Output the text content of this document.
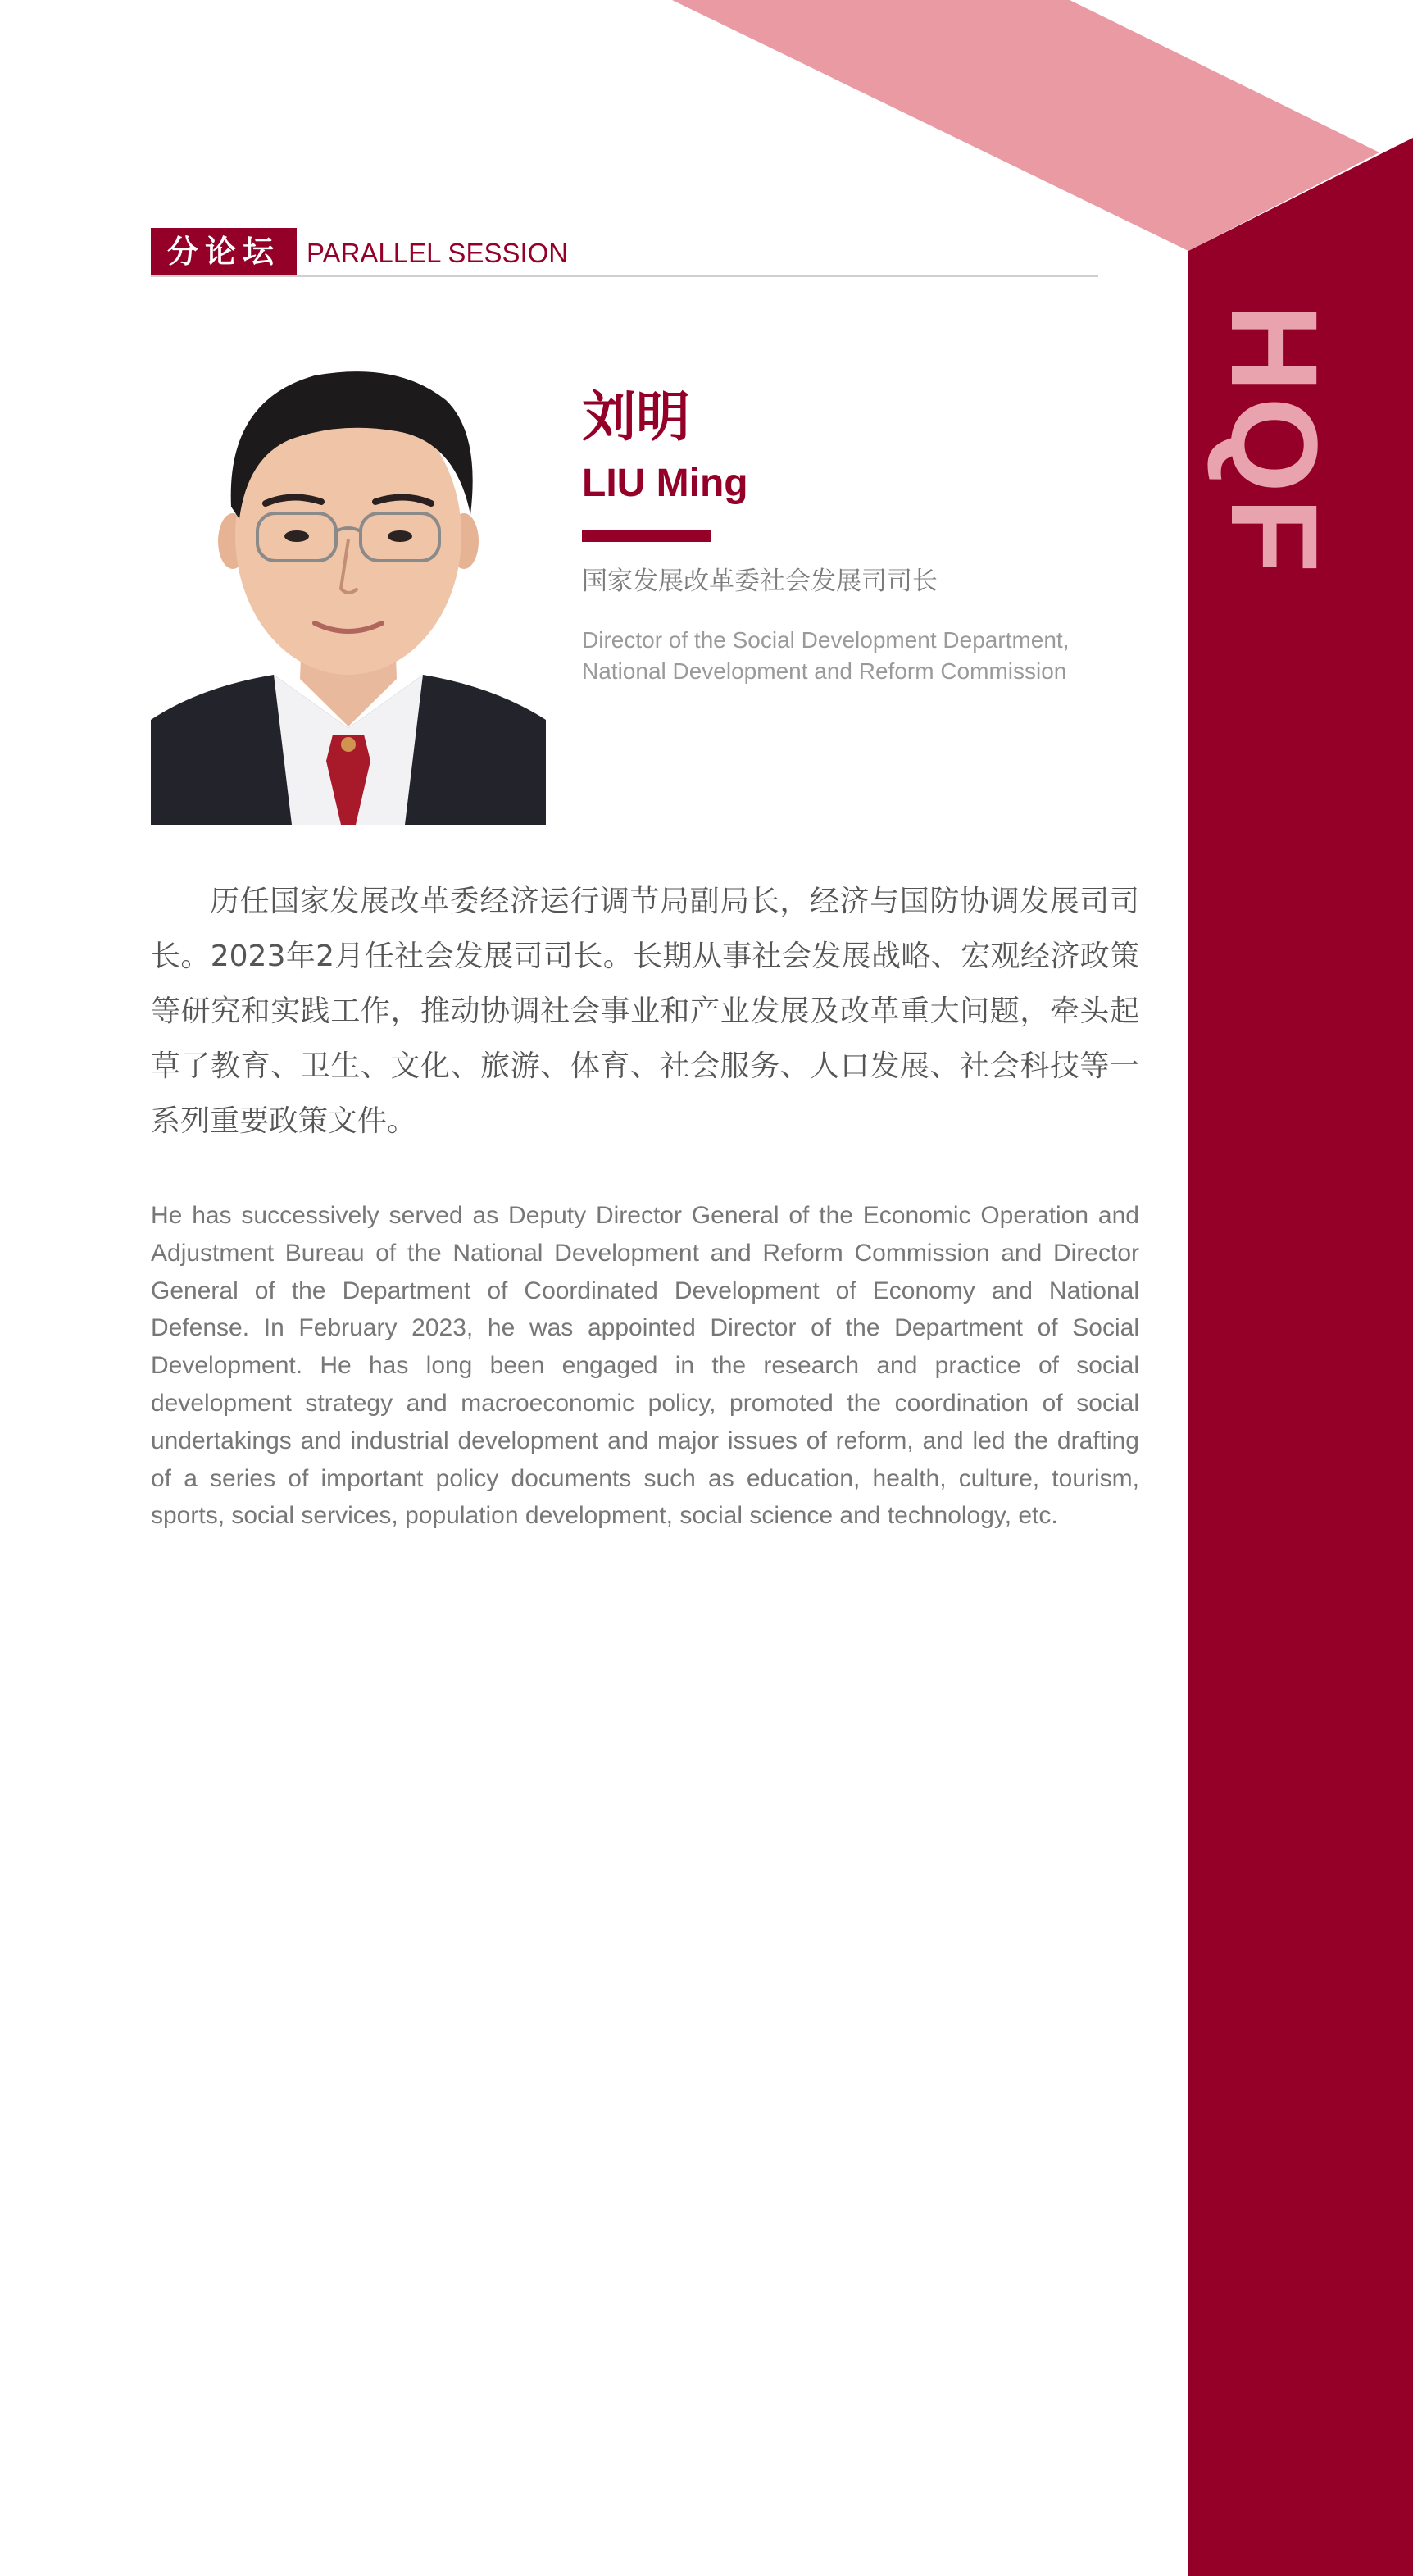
HQF
分论坛 PARALLEL SESSION
刘明
LIU Ming
国家发展改革委社会发展司司长
Director of the Social Development Department, National Development and Reform Commission

历任国家发展改革委经济运行调节局副局长，经济与国防协调发展司司长。2023年2月任社会发展司司长。长期从事社会发展战略、宏观经济政策等研究和实践工作，推动协调社会事业和产业发展及改革重大问题，牵头起草了教育、卫生、文化、旅游、体育、社会服务、人口发展、社会科技等一系列重要政策文件。

He has successively served as Deputy Director General of the Economic Operation and Adjustment Bureau of the National Development and Reform Commission and Director General of the Department of Coordinated Development of Economy and National Defense. In February 2023, he was appointed Director of the Department of Social Development. He has long been engaged in the research and practice of social development strategy and macroeconomic policy, promoted the coordination of social undertakings and industrial development and major issues of reform, and led the drafting of a series of important policy documents such as education, health, culture, tourism, sports, social services, population development, social science and technology, etc.
